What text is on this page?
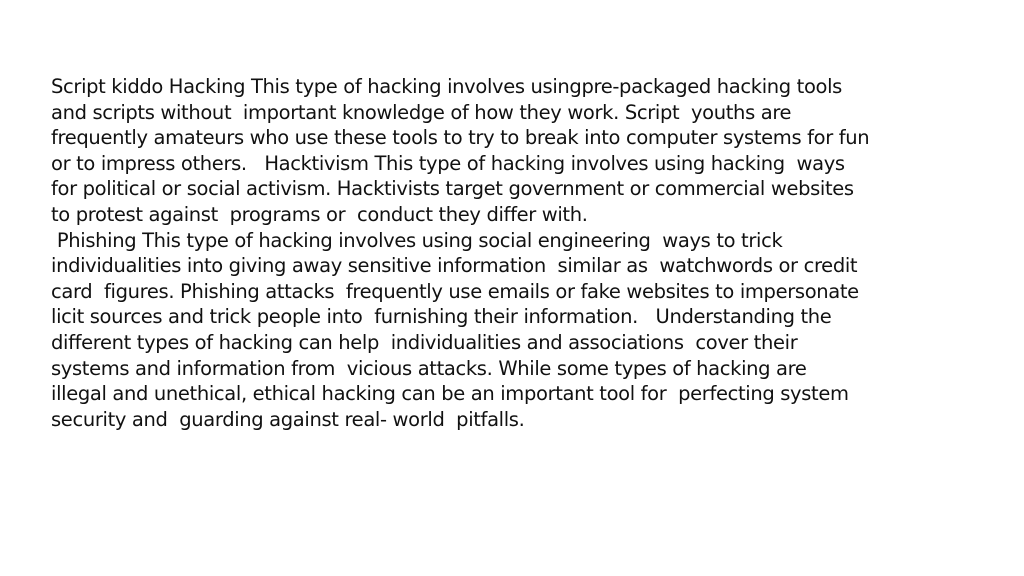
Script kiddo Hacking This type of hacking involves usingpre-packaged hacking tools
and scripts without  important knowledge of how they work. Script  youths are
frequently amateurs who use these tools to try to break into computer systems for fun
or to impress others.   Hacktivism This type of hacking involves using hacking  ways
for political or social activism. Hacktivists target government or commercial websites
to protest against  programs or  conduct they differ with.
Phishing This type of hacking involves using social engineering  ways to trick
individualities into giving away sensitive information  similar as  watchwords or credit
card  figures. Phishing attacks  frequently use emails or fake websites to impersonate
licit sources and trick people into  furnishing their information.   Understanding the
different types of hacking can help  individualities and associations  cover their
systems and information from  vicious attacks. While some types of hacking are
illegal and unethical, ethical hacking can be an important tool for  perfecting system
security and  guarding against real- world  pitfalls.
